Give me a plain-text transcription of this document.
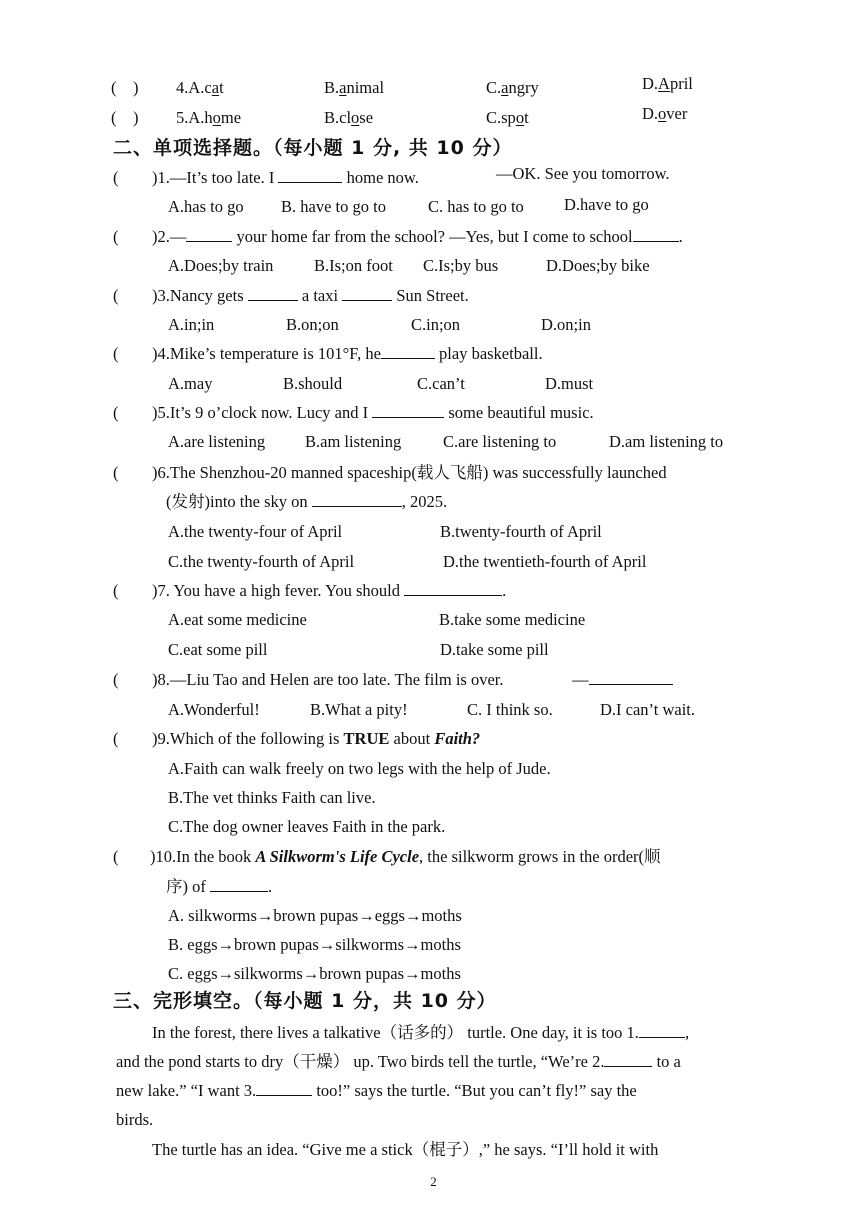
( ) 4.A.cat	B.animal	C.angry	D.April
( ) 5.A.home	B.close	C.spot	D.over
二、单项选择题。（每小题 1 分, 共 10 分）
( )1.—It’s too late. I	home now.	—OK. See you tomorrow.
A.has to go B. have to go to	C. has to go to D.have to go
( )2.—	your home far from the school? —Yes, but I come to school	.
A.Does;by train B.Is;on foot C.Is;by bus	D.Does;by bike
( )3.Nancy gets	a taxi	Sun Street.
A.in;in	B.on;on	C.in;on	D.on;in
( )4.Mike’s temperature is 101°F, he	play basketball.
A.may	B.should	C.can’t	D.must
( )5.It’s 9 o’clock now. Lucy and I	some beautiful music.
A.are listening B.am listening	C.are listening to	D.am listening to
( )6.The Shenzhou-20 manned spaceship(载人飞船) was successfully launched
(发射)into the sky on	, 2025.
A.the twenty-four of April	B.twenty-fourth of April
C.the twenty-fourth of April	D.the twentieth-fourth of April
( )7. You have a high fever. You should	.
A.eat some medicine	B.take some medicine
C.eat some pill	D.take some pill
( )8.—Liu Tao and Helen are too late. The film is over.	—
A.Wonderful!	B.What a pity!	C. I think so.	D.I can’t wait.
( )9.Which of the following is TRUE about Faith?
A.Faith can walk freely on two legs with the help of Jude.
B.The vet thinks Faith can live.
C.The dog owner leaves Faith in the park.
( )10.In the book A Silkworm's Life Cycle, the silkworm grows in the order(顺
序) of	.
A. silkworms→brown pupas→eggs→moths
B. eggs→brown pupas→silkworms→moths
C. eggs→silkworms→brown pupas→moths
三、完形填空。（每小题 1 分，共 10 分）
In the forest, there lives a talkative（话多的） turtle. One day, it is too 1.	,
and the pond starts to dry（干燥） up. Two birds tell the turtle, “We’re 2.	to a
new lake.” “I want 3.	too!” says the turtle. “But you can’t fly!” say the
birds.
The turtle has an idea. “Give me a stick（棍子）,” he says. “I’ll hold it with
2
